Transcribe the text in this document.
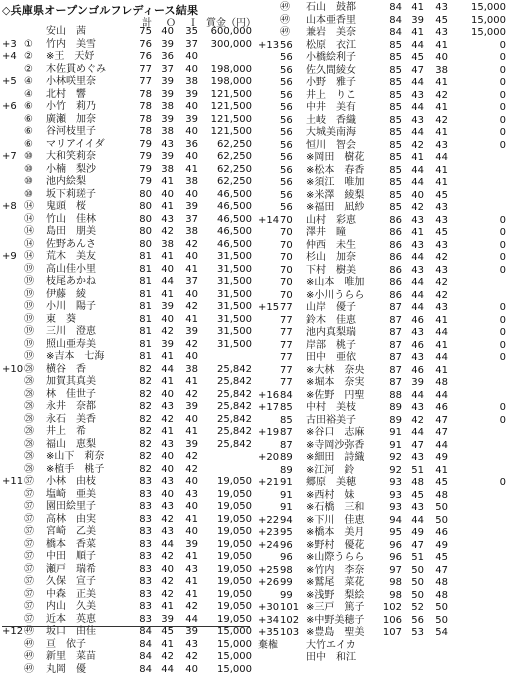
◇兵庫県オープンゴルフレディース結果
計 Ｏ Ｉ 賞金（円）
安山　茜	75 40	35	600,000
+3 ①	竹内　美雪	76 39	37	300,000
+4 ②	※王　天妤	76 36	40
②	木佐貫めぐみ	77 37	40	198,000
+5 ④	小林咲里奈	77 39	38	198,000
④	北村　響	78 39	39	121,500
+6 ⑥	小竹　莉乃	78 38	40	121,500
⑥	廣瀬　加奈	78 39	39	121,500
⑥	谷河枝里子	78 38	40	121,500
⑥	マリアイイダ	79 43	36	62,250
+7 ⑩	大和笑莉奈	79 39	40	62,250
⑩	小楠　梨沙	79 38	41	62,250
⑩	池内絵梨	79 41	38	62,250
⑩	坂下莉瑳子	80 40	40	46,500
+8 ⑭	鬼頭　桜	80 41	39	46,500
⑭	竹山　佳林	80 43	37	46,500
⑭	島田　朋美	80 42	38	46,500
⑭	佐野あんさ	80 38	42	46,500
+9 ⑭	荒木　美友	81 41	40	31,500
⑲	高山佳小里	81 40	41	31,500
⑲	枝尾あかね	81 44	37	31,500
⑲	伊藤　綾	81 41	40	31,500
⑲	小川　陽子	81 39	42	31,500
⑲	東　葵	81 40	41	31,500
⑲	三川　澄恵	81 42	39	31,500
⑲	照山亜寿美	81 39	42	31,500
⑲	※吉本　七海	81 41	40
+10 ㉘	横谷　香	82 44	38	25,842
㉘	加賀其真美	82 41	41	25,842
㉘	林　佳世子	82 40	42	25,842
㉘	永井　奈都	82 43	39	25,842
㉘	永石　美香	82 42	40	25,842
㉘	井上　希	82 41	41	25,842
㉘	福山　恵梨	82 43	39	25,842
㉘	※山下　莉奈	82 40	42
㉘	※植手　桃子	82 40	42
+11 ㊲	小林　由枝	83 43	40	19,050
㊲	塩崎　亜美	83 40	43	19,050
㊲	園田絵里子	83 43	40	19,050
㊲	高林　由実	83 42	41	19,050
㊲	宮崎　乙美	83 43	40	19,050
㊲	橋本　香菜	83 44	39	19,050
㊲	中田　順子	83 42	41	19,050
㊲	瀬戸　瑞希	83 40	43	19,050
㊲	久保　宣子	83 42	41	19,050
㊲	中森　正美	83 42	41	19,050
㊲	内山　久美	83 41	42	19,050
㊲	近本　英恵	83 39	44	19,050
+12 ㊾	坂口　由佳	84 45	39	15,000
㊾	亘　依子	84 41	43	15,000
㊾	新里　菜苗	84 42	42	15,000
㊾	丸岡　優	84 44	40	15,000
㊾	石山　鼓都	84 41	43	15,000
㊾	山本亜香里	84 39	45	15,000
㊾	兼岩　美奈	84 41	43	15,000
+13 56	松原　衣江	85 44	41	0
56	小橋絵利子	85 45	40	0
56	佐久間綾女	85 47	38	0
56	小野　雅子	85 44	41	0
56	井上　りこ	85 43	42	0
56	中井　美有	85 44	41	0
56	土岐　香織	85 43	42	0
56	大城美南海	85 44	41	0
56	恒川　智会	85 42	43	0
56	※岡田　樹花	85 41	44
56	※松本　春香	85 44	41
56	※須江　唯加	85 44	41
56	※米澤　綾梨	85 40	45
56	※福田　凪紗	85 42	43
+14 70	山村　彩恵	86 43	43	0
70	澤井　瞳	86 41	45	0
70	仲西　未生	86 43	43	0
70	杉山　加奈	86 44	42	0
70	下村　樹美	86 43	43	0
70	※山本　唯加	86 44	42
70	※小川うらら	86 44	42
+15 77	山岸　優子	87 44	43	0
77	鈴木　佳恵	87 46	41	0
77	池内真梨瑞	87 43	44	0
77	岸部　桃子	87 46	41	0
77	田中　亜依	87 43	44	0
77	※大林　奈央	87 46	41
77	※堀本　奈実	87 39	48
+16 84	※佐野　円聖	88 44	44
+17 85	中村　美枝	89 43	46	0
85	古田裕美子	89 42	47	0
+19 87	※谷口　志麻	91 44	47
87	※寺岡沙弥香	91 47	44
+20 89	※細田　詩織	92 43	49
89	※江河　鈴	92 51	41
+21 91	郷原　美穂	93 48	45	0
91	※西村　妹	93 45	48
91	※石橋　三和	93 43	50
+22 94	※下川　佳恵	94 44	50
+23 95	※橋本　美月	95 49	46
+24 96	※野村　優花	96 47	49
96	※山際うらら	96 51	45
+25 98	※竹内　李奈	97 50	47
+26 99	※鷲尾　菜花	98 50	48
99	※浅野　梨絵	98 50	48
+30 101 ※三戸　篤子	102 52	50
+34 102 ※中野美穂子	106 56	50
+35 103 ※豊島　聖美	107 53	54
棄権	大竹エイカ
田中　和江
